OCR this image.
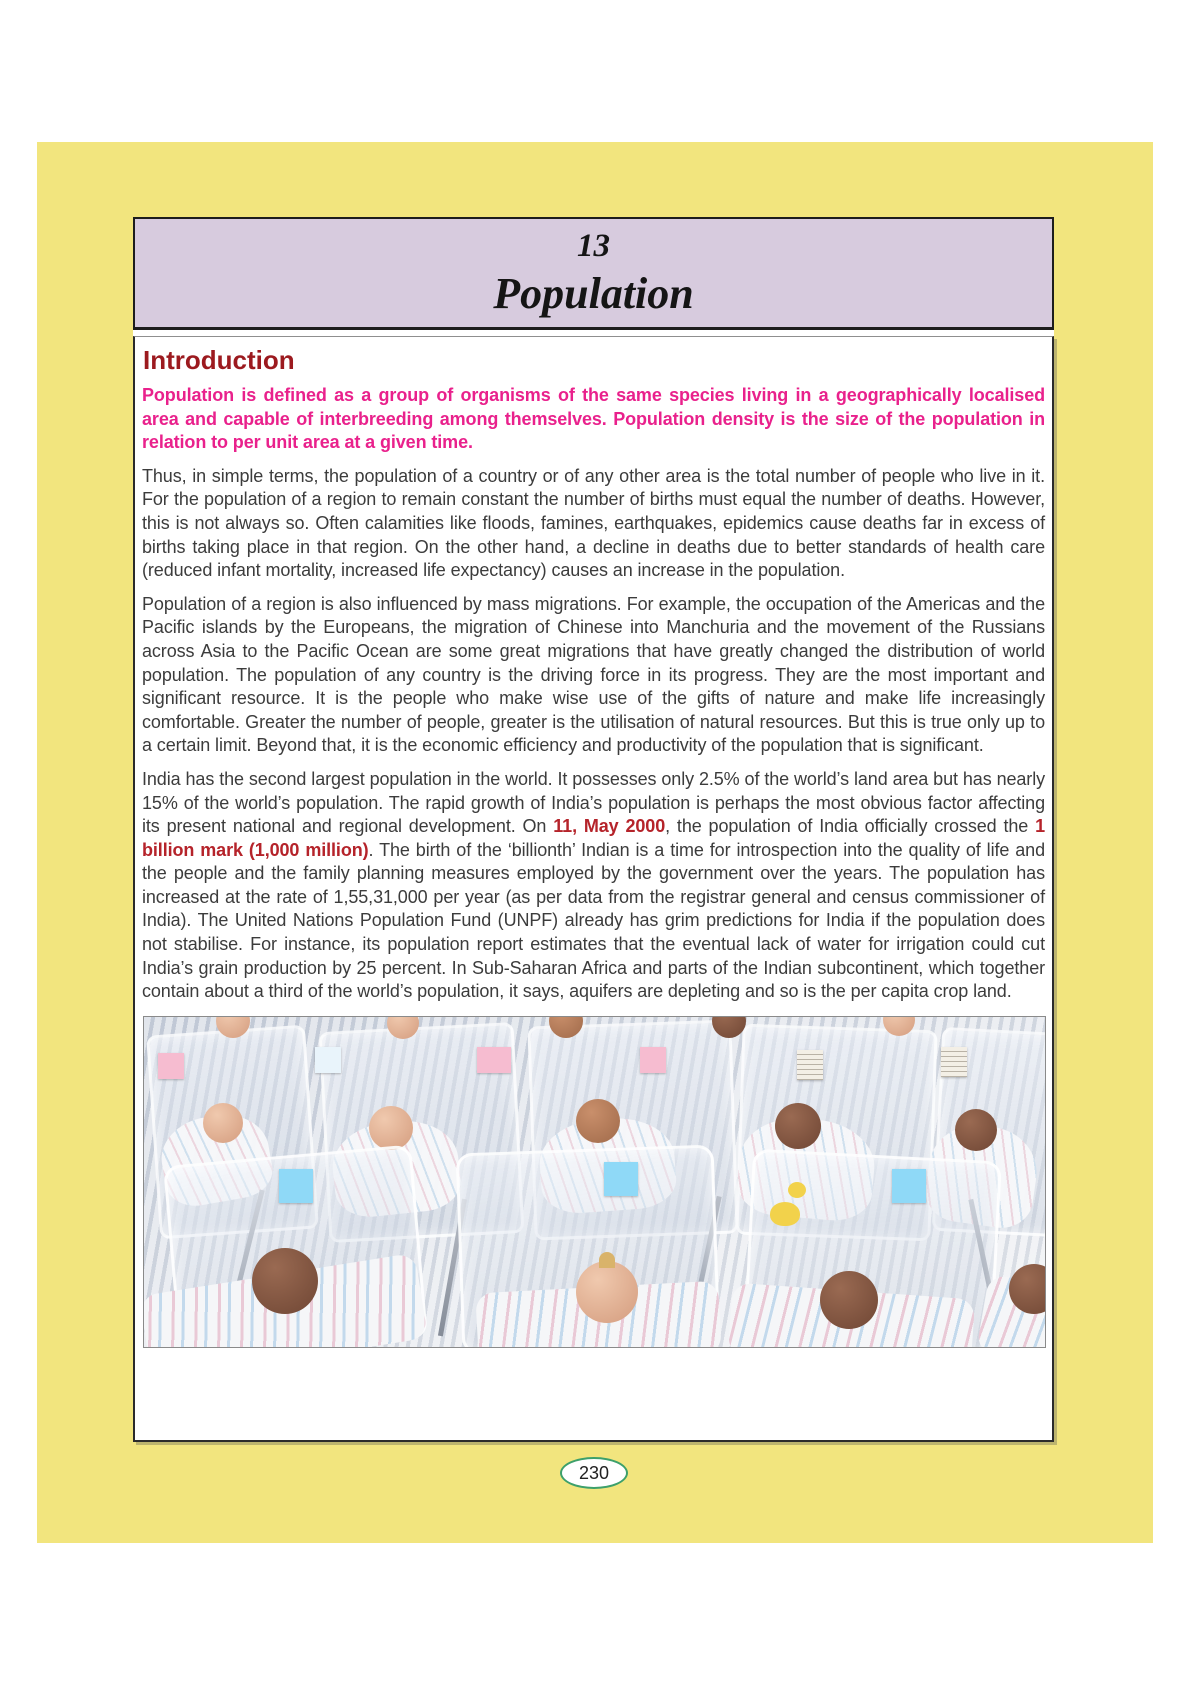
13
Population
Introduction

Population is defined as a group of organisms of the same species living in a geographically localised area and capable of interbreeding among themselves. Population density is the size of the population in relation to per unit area at a given time.

Thus, in simple terms, the population of a country or of any other area is the total number of people who live in it. For the population of a region to remain constant the number of births must equal the number of deaths. However, this is not always so. Often calamities like floods, famines, earthquakes, epidemics cause deaths far in excess of births taking place in that region. On the other hand, a decline in deaths due to better standards of health care (reduced infant mortality, increased life expectancy) causes an increase in the population.

Population of a region is also influenced by mass migrations. For example, the occupation of the Americas and the Pacific islands by the Europeans, the migration of Chinese into Manchuria and the movement of the Russians across Asia to the Pacific Ocean are some great migrations that have greatly changed the distribution of world population. The population of any country is the driving force in its progress. They are the most important and significant resource. It is the people who make wise use of the gifts of nature and make life increasingly comfortable. Greater the number of people, greater is the utilisation of natural resources. But this is true only up to a certain limit. Beyond that, it is the economic efficiency and productivity of the population that is significant.

India has the second largest population in the world. It possesses only 2.5% of the world’s land area but has nearly 15% of the world’s population. The rapid growth of India’s population is perhaps the most obvious factor affecting its present national and regional development. On 11, May 2000, the population of India officially crossed the 1 billion mark (1,000 million). The birth of the ‘billionth’ Indian is a time for introspection into the quality of life and the people and the family planning measures employed by the government over the years. The population has increased at the rate of 1,55,31,000 per year (as per data from the registrar general and census commissioner of India). The United Nations Population Fund (UNPF) already has grim predictions for India if the population does not stabilise. For instance, its population report estimates that the eventual lack of water for irrigation could cut India’s grain production by 25 percent. In Sub-Saharan Africa and parts of the Indian subcontinent, which together contain about a third of the world’s population, it says, aquifers are depleting and so is the per capita crop land.

230
